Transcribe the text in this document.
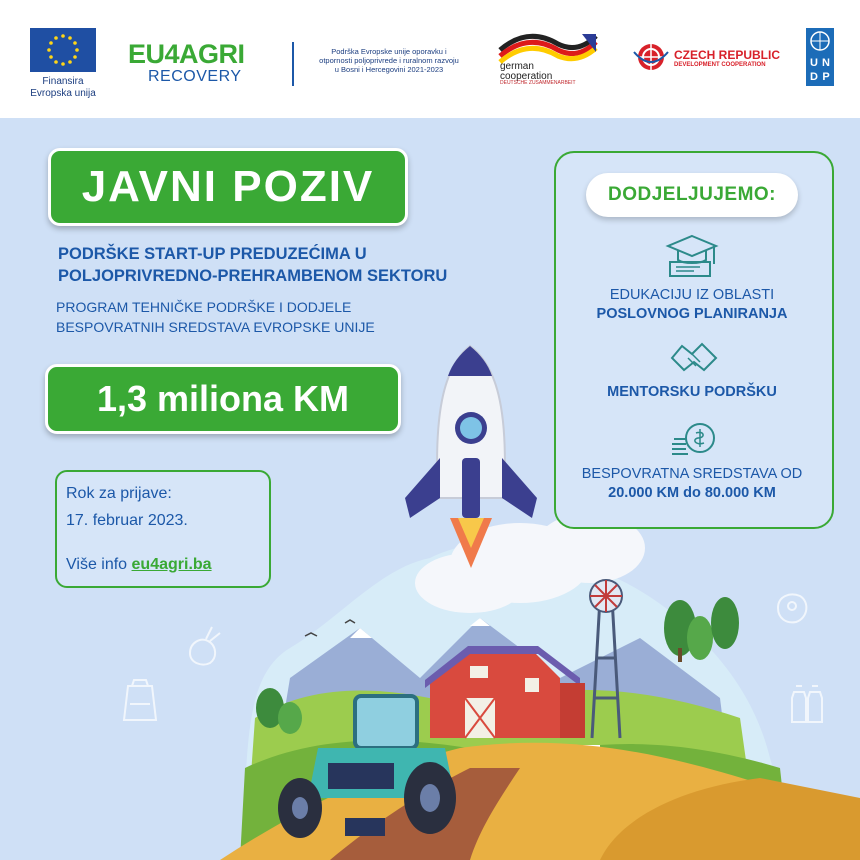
Finansira
Evropska unija
EU4AGRI
RECOVERY
Podrška Evropske unije oporavku i
otpornosti poljoprivrede i ruralnom razvoju
u Bosni i Hercegovini 2021-2023	german
cooperation
DEUTSCHE ZUSAMMENARBEIT
CZECH REPUBLIC
DEVELOPMENT COOPERATION	U N
D P
JAVNI POZIV
PODRŠKE START-UP PREDUZEĆIMA U
POLJOPRIVREDNO-PREHRAMBENOM SEKTORU
PROGRAM TEHNIČKE PODRŠKE I DODJELE
BESPOVRATNIH SREDSTAVA EVROPSKE UNIJE
1,3 miliona KM
Rok za prijave:
17. februar 2023.
Više info eu4agri.ba
DODJELJUJEMO:
EDUKACIJU IZ OBLASTI
POSLOVNOG PLANIRANJA
MENTORSKU PODRŠKU
BESPOVRATNA SREDSTAVA OD
20.000 KM do 80.000 KM
